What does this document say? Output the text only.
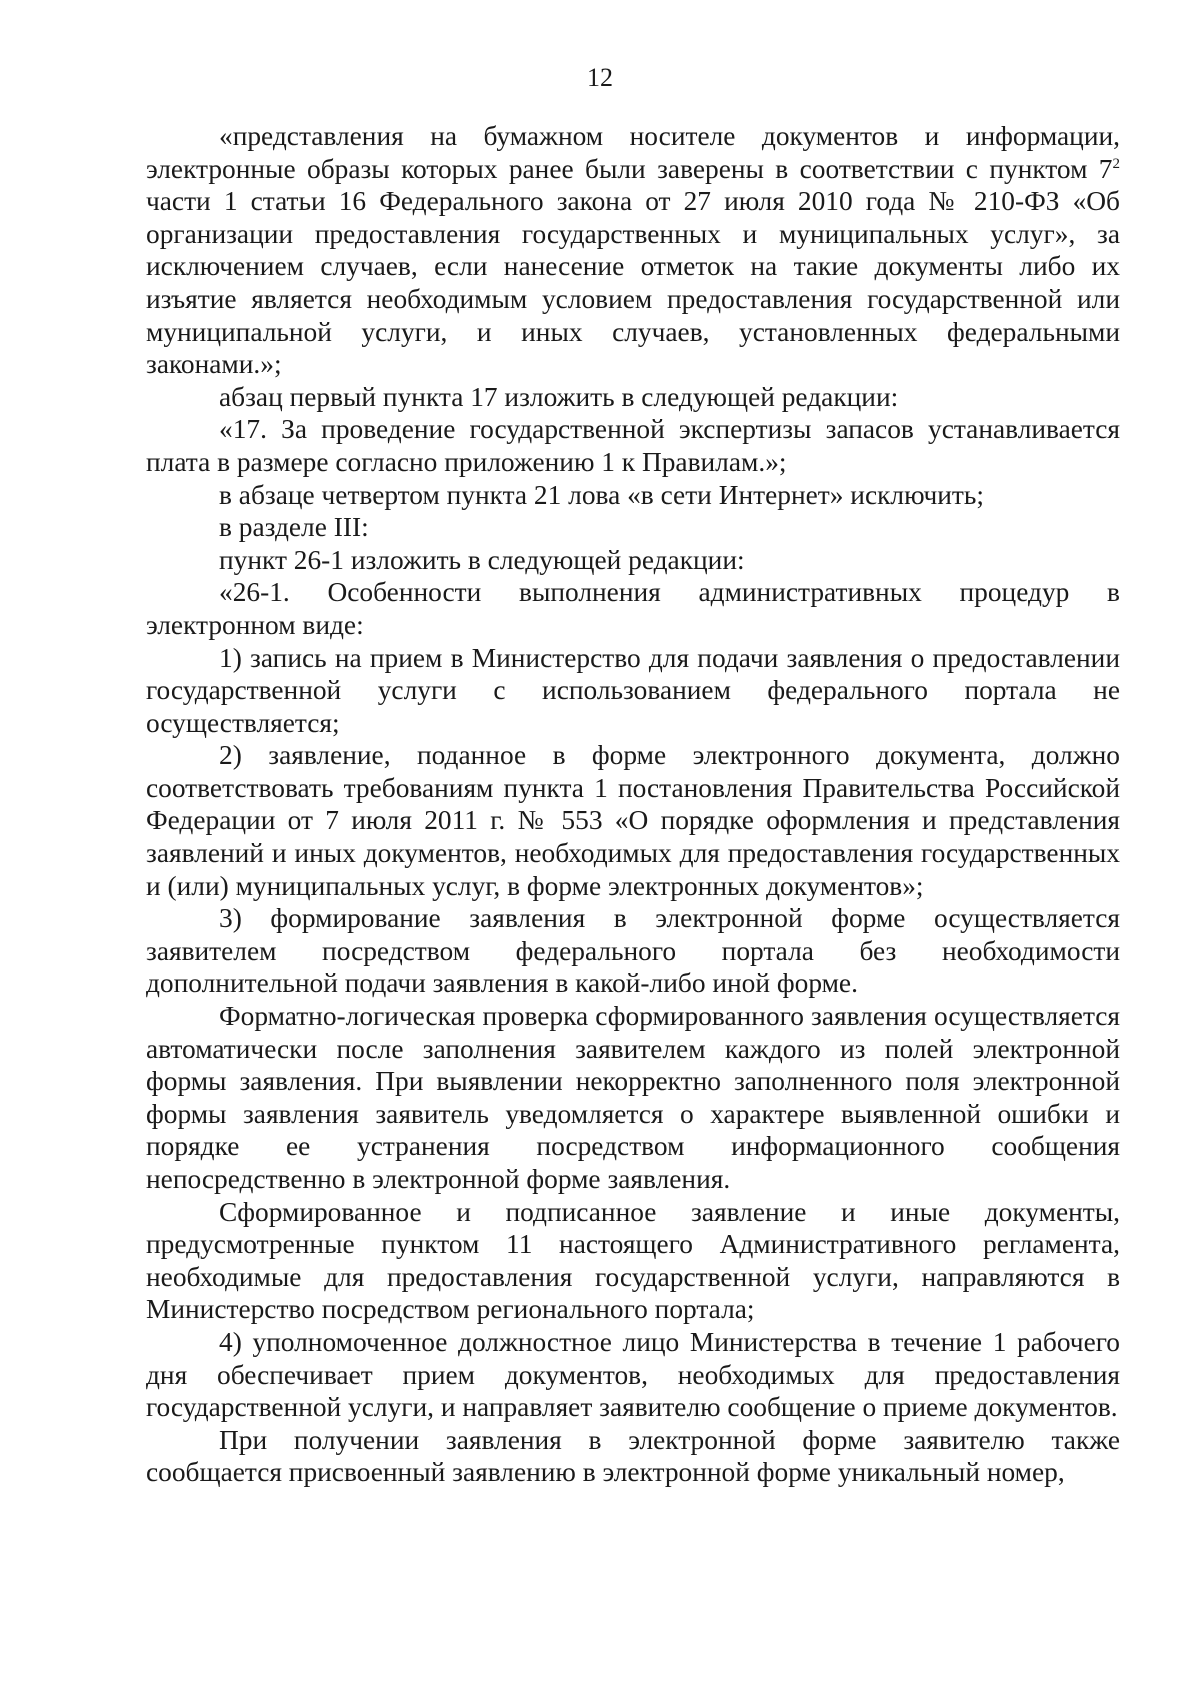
12

«представления на бумажном носителе документов и информации, электронные образы которых ранее были заверены в соответствии с пунктом $7^2$ части 1 статьи 16 Федерального закона от 27 июля 2010 года № 210-ФЗ «Об организации предоставления государственных и муниципальных услуг», за исключением случаев, если нанесение отметок на такие документы либо их изъятие является необходимым условием предоставления государственной или муниципальной услуги, и иных случаев, установленных федеральными законами.»;

абзац первый пункта 17 изложить в следующей редакции:

«17. За проведение государственной экспертизы запасов устанавливается плата в размере согласно приложению 1 к Правилам.»;

в абзаце четвертом пункта 21 лова «в сети Интернет» исключить;

в разделе III:

пункт 26-1 изложить в следующей редакции:

«26-1. Особенности выполнения административных процедур в электронном виде:

1) запись на прием в Министерство для подачи заявления о предоставлении государственной услуги с использованием федерального портала не осуществляется;

2) заявление, поданное в форме электронного документа, должно соответствовать требованиям пункта 1 постановления Правительства Российской Федерации от 7 июля 2011 г. № 553 «О порядке оформления и представления заявлений и иных документов, необходимых для предоставления государственных и (или) муниципальных услуг, в форме электронных документов»;

3) формирование заявления в электронной форме осуществляется заявителем посредством федерального портала без необходимости дополнительной подачи заявления в какой-либо иной форме.

Форматно-логическая проверка сформированного заявления осуществляется автоматически после заполнения заявителем каждого из полей электронной формы заявления. При выявлении некорректно заполненного поля электронной формы заявления заявитель уведомляется о характере выявленной ошибки и порядке ее устранения посредством информационного сообщения непосредственно в электронной форме заявления.

Сформированное и подписанное заявление и иные документы, предусмотренные пунктом 11 настоящего Административного регламента, необходимые для предоставления государственной услуги, направляются в Министерство посредством регионального портала;

4) уполномоченное должностное лицо Министерства в течение 1 рабочего дня обеспечивает прием документов, необходимых для предоставления государственной услуги, и направляет заявителю сообщение о приеме документов.

При получении заявления в электронной форме заявителю также сообщается присвоенный заявлению в электронной форме уникальный номер,
